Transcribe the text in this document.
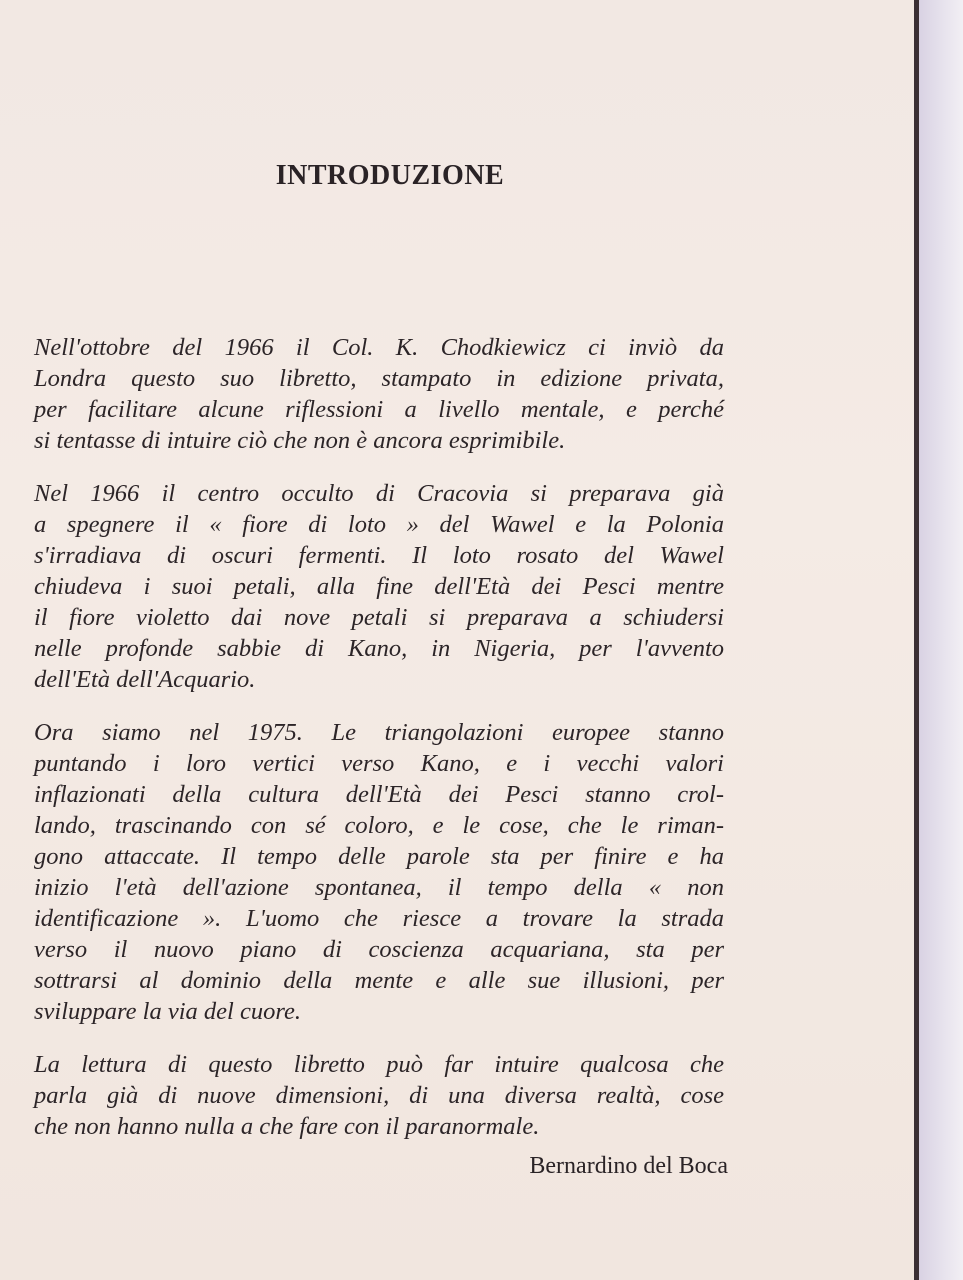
INTRODUZIONE

Nell'ottobre del 1966 il Col. K. Chodkiewicz ci inviò da
Londra questo suo libretto, stampato in edizione privata,
per facilitare alcune riflessioni a livello mentale, e perché
si tentasse di intuire ciò che non è ancora esprimibile.

Nel 1966 il centro occulto di Cracovia si preparava già
a spegnere il « fiore di loto » del Wawel e la Polonia
s'irradiava di oscuri fermenti. Il loto rosato del Wawel
chiudeva i suoi petali, alla fine dell'Età dei Pesci mentre
il fiore violetto dai nove petali si preparava a schiudersi
nelle profonde sabbie di Kano, in Nigeria, per l'avvento
dell'Età dell'Acquario.

Ora siamo nel 1975. Le triangolazioni europee stanno
puntando i loro vertici verso Kano, e i vecchi valori
inflazionati della cultura dell'Età dei Pesci stanno crol-
lando, trascinando con sé coloro, e le cose, che le riman-
gono attaccate. Il tempo delle parole sta per finire e ha
inizio l'età dell'azione spontanea, il tempo della « non
identificazione ». L'uomo che riesce a trovare la strada
verso il nuovo piano di coscienza acquariana, sta per
sottrarsi al dominio della mente e alle sue illusioni, per
sviluppare la via del cuore.

La lettura di questo libretto può far intuire qualcosa che
parla già di nuove dimensioni, di una diversa realtà, cose
che non hanno nulla a che fare con il paranormale.

Bernardino del Boca
